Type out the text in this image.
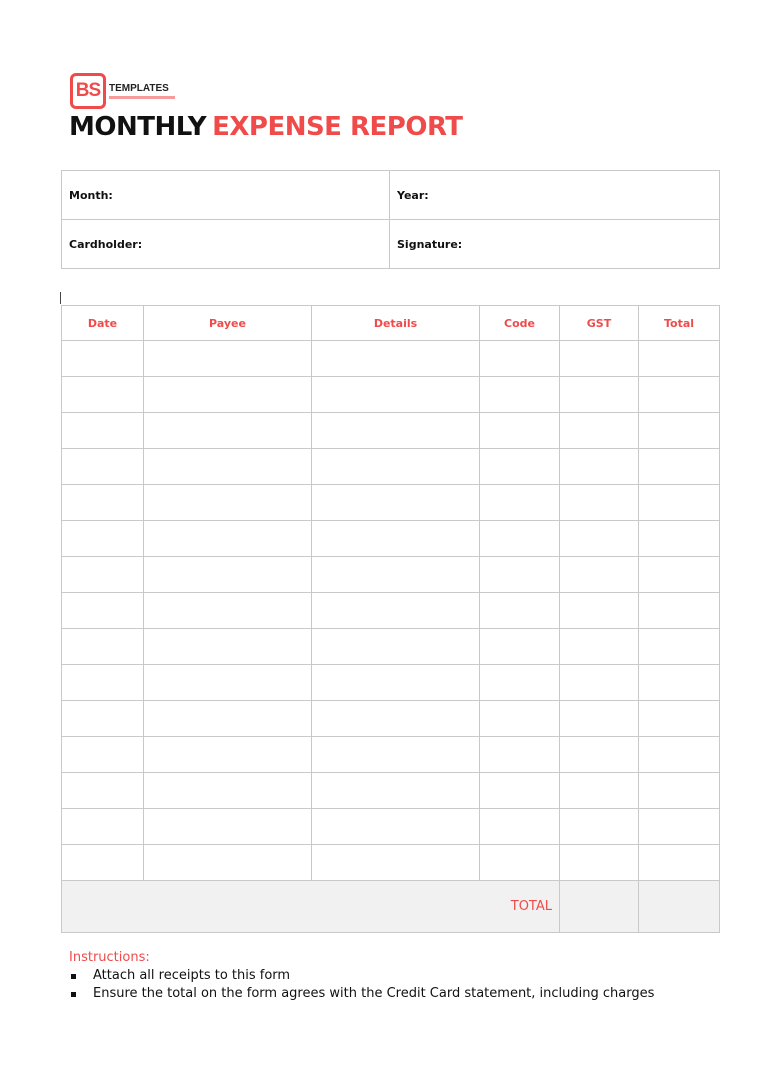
BS TEMPLATES
MONTHLY EXPENSE REPORT
Month:	Year:
Cardholder:	Signature:
Date	Payee	Details	Code	GST	Total

TOTAL					
Instructions:
Attach all receipts to this form
Ensure the total on the form agrees with the Credit Card statement, including charges
